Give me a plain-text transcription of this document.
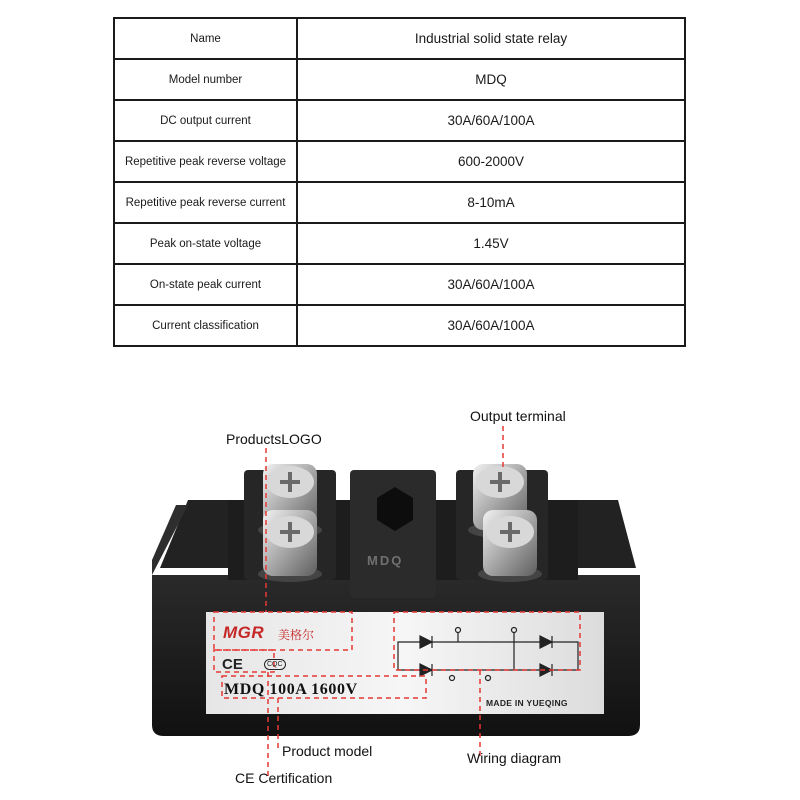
Name	Industrial solid state relay
Model number	MDQ
DC output current	30A/60A/100A
Repetitive peak reverse voltage	600-2000V
Repetitive peak reverse current	8-10mA
Peak on-state voltage	1.45V
On-state peak current	30A/60A/100A
Current classification	30A/60A/100A
MDQ
MGR 美格尔
CE	CQC
MDQ 100A 1600V
MADE IN YUEQING
ProductsLOGO
Output terminal
Product model	Wiring diagram
CE Certification
